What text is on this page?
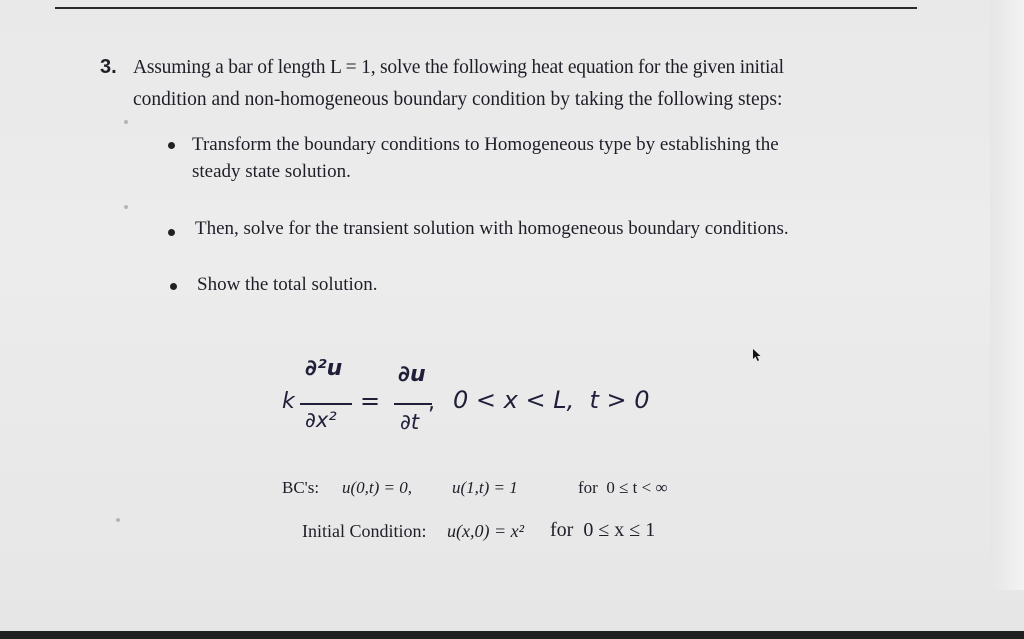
3. Assuming a bar of length L = 1, solve the following heat equation for the given initial
condition and non-homogeneous boundary condition by taking the following steps:
Transform the boundary conditions to Homogeneous type by establishing the
steady state solution.
Then, solve for the transient solution with homogeneous boundary conditions.
Show the total solution.
k
∂²u
∂x²
=
∂u
∂t
, 0 < x < L,  t > 0
BC's: u(0,t) = 0, u(1,t) = 1	for  0 ≤ t < ∞
Initial Condition: u(x,0) = x² for  0 ≤ x ≤ 1
